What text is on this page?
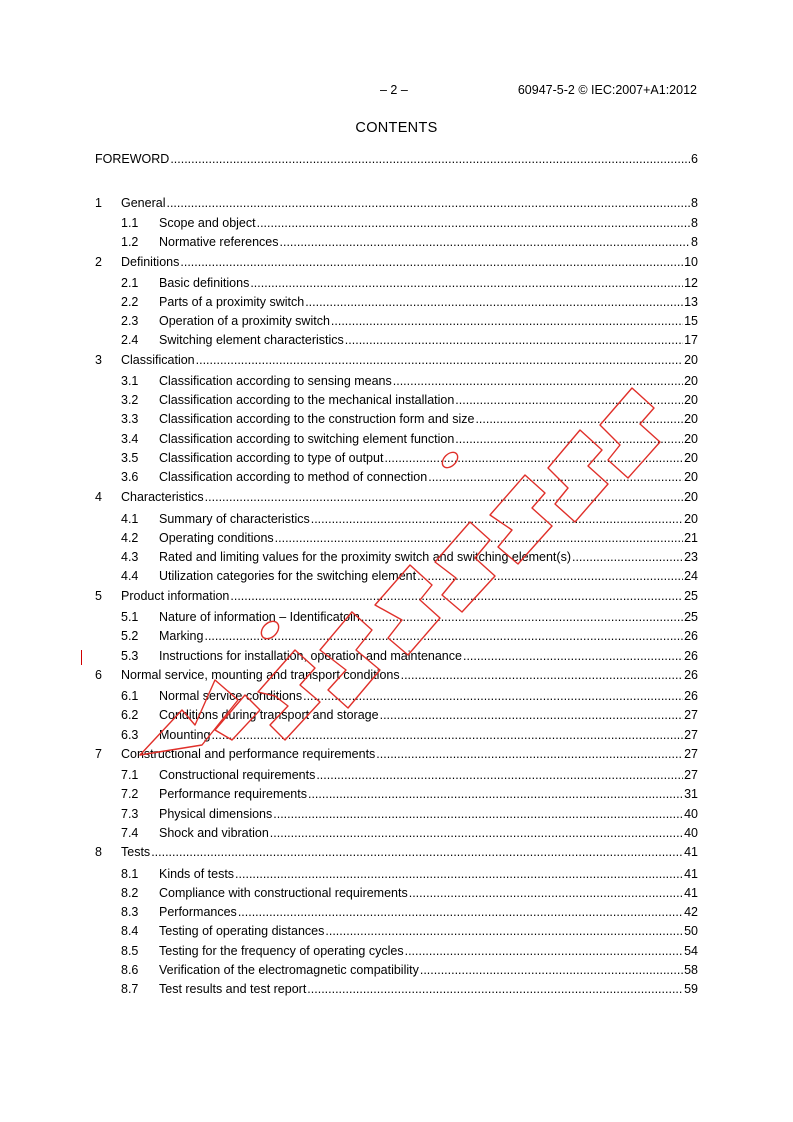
– 2 –	60947-5-2 © IEC:2007+A1:2012
CONTENTS
FOREWORD .....	6
1	General .....	8
1.1	Scope and object .....	8
1.2	Normative references .....	8
2	Definitions .....	10
2.1	Basic definitions .....	12
2.2	Parts of a proximity switch .....	13
2.3	Operation of a proximity switch .....	15
2.4	Switching element characteristics .....	17
3	Classification .....	20
3.1	Classification according to sensing means .....	20
3.2	Classification according to the mechanical installation .....	20
3.3	Classification according to the construction form and size .....	20
3.4	Classification according to switching element function .....	20
3.5	Classification according to type of output .....	20
3.6	Classification according to method of connection .....	20
4	Characteristics .....	20
4.1	Summary of characteristics .....	20
4.2	Operating conditions .....	21
4.3	Rated and limiting values for the proximity switch and switching element(s) .....	23
4.4	Utilization categories for the switching element .....	24
5	Product information .....	25
5.1	Nature of information – Identificatoin .....	25
5.2	Marking .....	26
5.3	Instructions for installation, operation and maintenance .....	26
6	Normal service, mounting and transport conditions .....	26
6.1	Normal service conditions .....	26
6.2	Conditions during transport and storage .....	27
6.3	Mounting .....	27
7	Constructional and performance requirements .....	27
7.1	Constructional requirements .....	27
7.2	Performance requirements .....	31
7.3	Physical dimensions .....	40
7.4	Shock and vibration .....	40
8	Tests .....	41
8.1	Kinds of tests .....	41
8.2	Compliance with constructional requirements .....	41
8.3	Performances .....	42
8.4	Testing of operating distances .....	50
8.5	Testing for the frequency of operating cycles .....	54
8.6	Verification of the electromagnetic compatibility .....	58
8.7	Test results and test report .....	59
